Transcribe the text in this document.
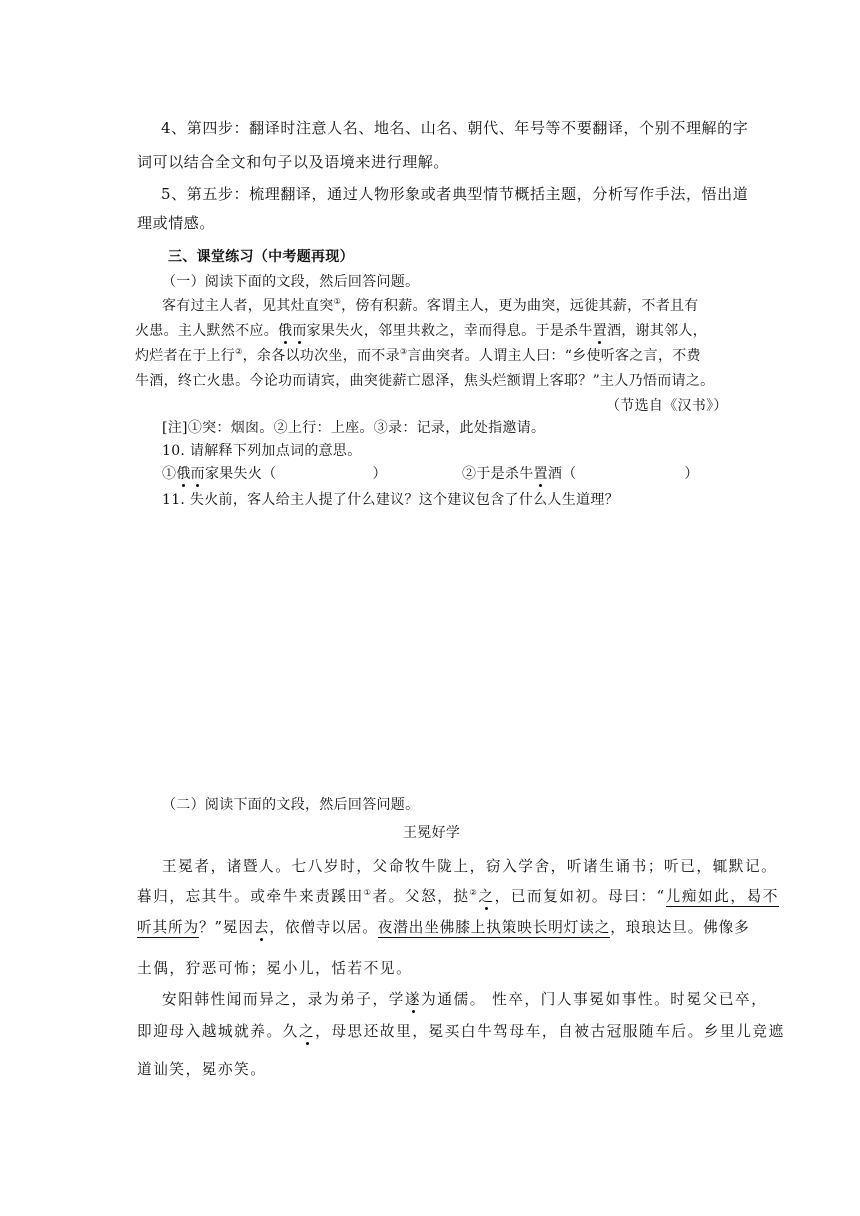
4、第四步：翻译时注意人名、地名、山名、朝代、年号等不要翻译，个别不理解的字
词可以结合全文和句子以及语境来进行理解。
5、第五步：梳理翻译，通过人物形象或者典型情节概括主题，分析写作手法，悟出道
理或情感。
三、课堂练习（中考题再现）
（一）阅读下面的文段，然后回答问题。
客有过主人者，见其灶直突①，傍有积薪。客谓主人，更为曲突，远徙其薪，不者且有
火患。主人默然不应。俄而家果失火，邻里共救之，幸而得息。于是杀牛置酒，谢其邻人，
灼烂者在于上行②，余各以功次坐，而不录③言曲突者。人谓主人曰：“乡使听客之言，不费
牛酒，终亡火患。今论功而请宾，曲突徙薪亡恩泽，焦头烂额谓上客耶？”主人乃悟而请之。
（节选自《汉书》）
[注]①突：烟囱。②上行：上座。③录：记录，此处指邀请。
10. 请解释下列加点词的意思。
①俄而家果失火（	）	②于是杀牛置酒（	）
11. 失火前，客人给主人提了什么建议？这个建议包含了什么人生道理？
（二）阅读下面的文段，然后回答问题。
王冕好学
王冕者，诸暨人。七八岁时，父命牧牛陇上，窃入学舍，听诸生诵书；听已，辄默记。
暮归，忘其牛。或牵牛来责蹊田①者。父怒，挞②之，已而复如初。母曰：“儿痴如此，曷不
听其所为？”冕因去，依僧寺以居。夜潜出坐佛膝上执策映长明灯读之，琅琅达旦。佛像多
土偶，狞恶可怖；冕小儿，恬若不见。
安阳韩性闻而异之，录为弟子，学遂为通儒。 性卒，门人事冕如事性。时冕父已卒，
即迎母入越城就养。久之，母思还故里，冕买白牛驾母车，自被古冠服随车后。乡里儿竞遮
道讪笑，冕亦笑。
